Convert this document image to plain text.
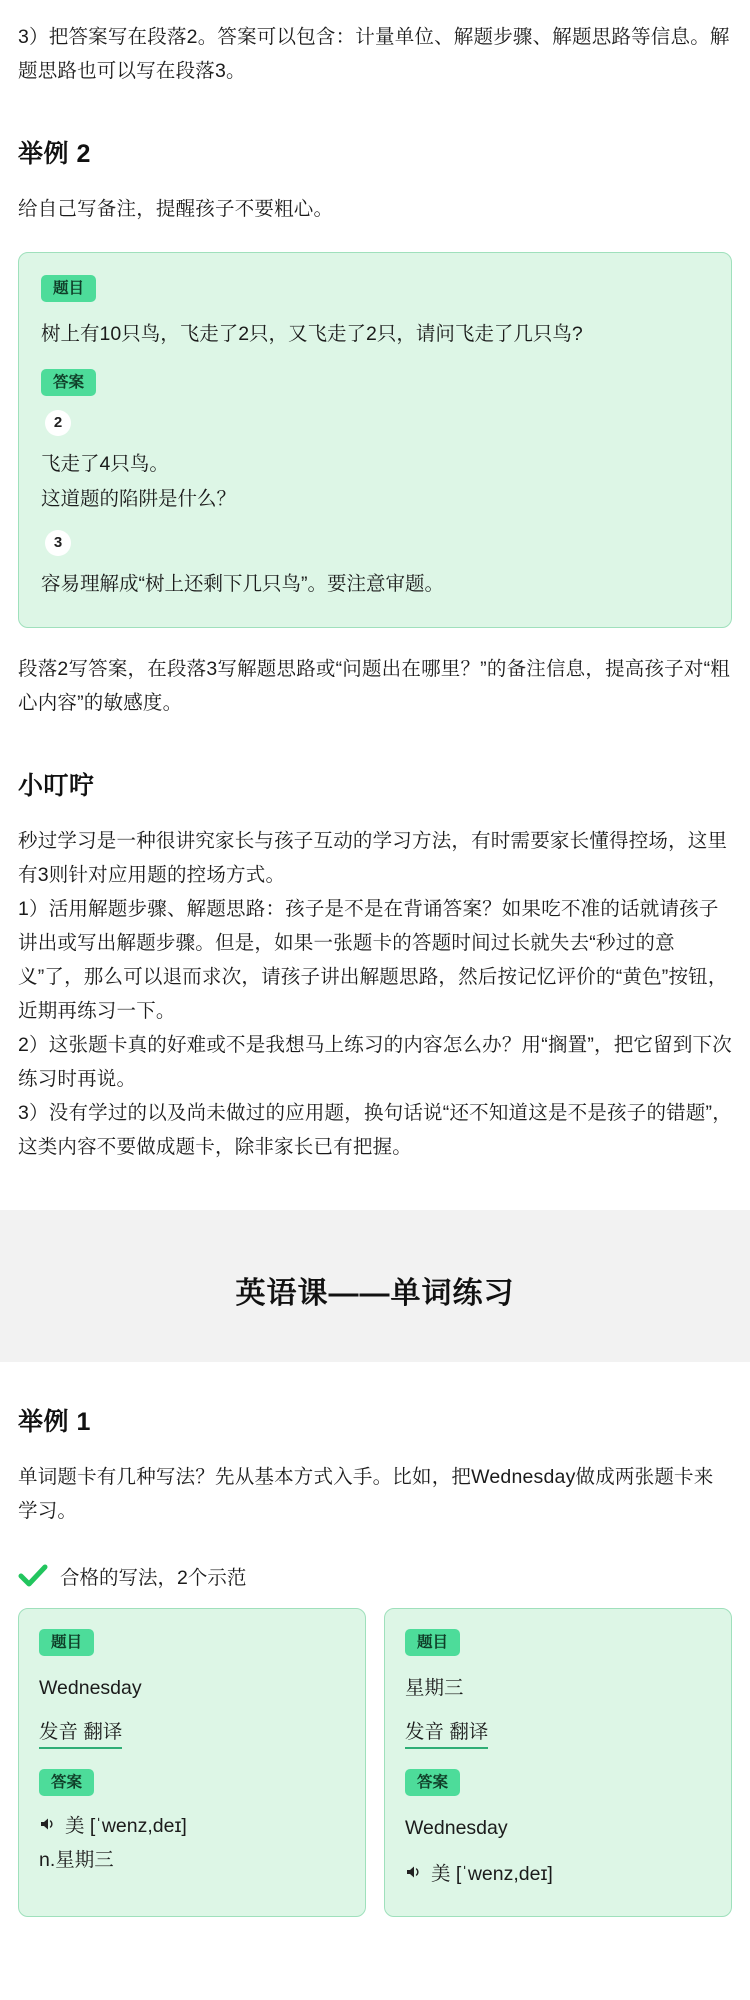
3）把答案写在段落2。答案可以包含：计量单位、解题步骤、解题思路等信息。解题思路也可以写在段落3。

举例 2

给自己写备注，提醒孩子不要粗心。

题目

树上有10只鸟，飞走了2只，又飞走了2只，请问飞走了几只鸟?

答案
2

飞走了4只鸟。

这道题的陷阱是什么？

3

容易理解成“树上还剩下几只鸟”。要注意审题。

段落2写答案，在段落3写解题思路或“问题出在哪里？”的备注信息，提高孩子对“粗心内容”的敏感度。

小叮咛

秒过学习是一种很讲究家长与孩子互动的学习方法，有时需要家长懂得控场，这里有3则针对应用题的控场方式。

1）活用解题步骤、解题思路：孩子是不是在背诵答案？如果吃不准的话就请孩子讲出或写出解题步骤。但是，如果一张题卡的答题时间过长就失去“秒过的意义”了，那么可以退而求次，请孩子讲出解题思路，然后按记忆评价的“黄色”按钮，近期再练习一下。

2）这张题卡真的好难或不是我想马上练习的内容怎么办？用“搁置”，把它留到下次练习时再说。

3）没有学过的以及尚未做过的应用题，换句话说“还不知道这是不是孩子的错题”，这类内容不要做成题卡，除非家长已有把握。

英语课——单词练习
举例 1

单词题卡有几种写法？先从基本方式入手。比如，把Wednesday做成两张题卡来学习。

合格的写法，2个示范
题目

Wednesday

发音 翻译
答案
美 [ˈwenz,deɪ]

n.星期三

题目

星期三

发音 翻译
答案

Wednesday

美 [ˈwenz,deɪ]
